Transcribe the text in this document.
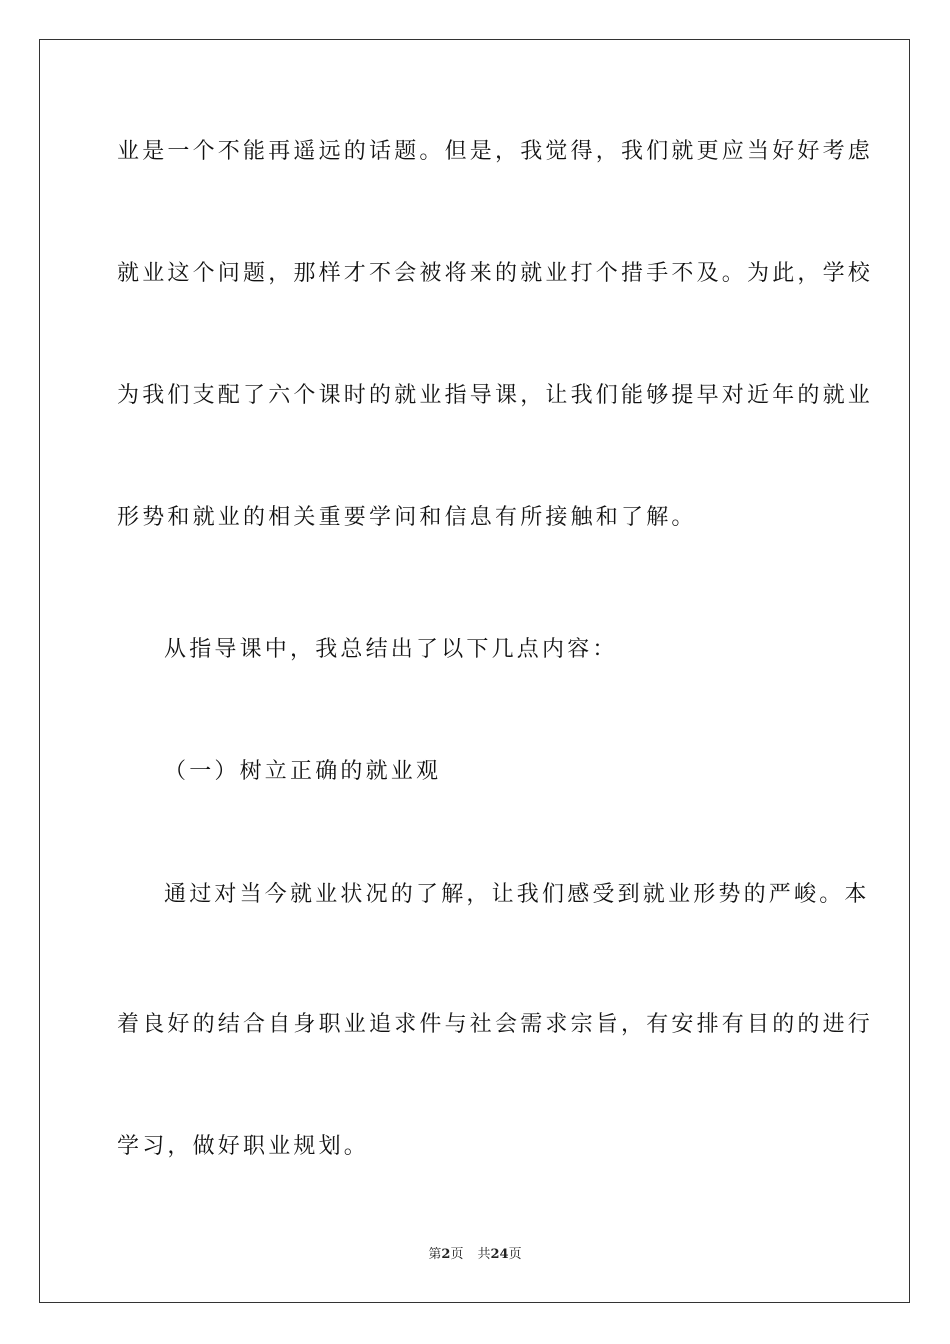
业是一个不能再遥远的话题。但是，我觉得，我们就更应当好好考虑
就业这个问题，那样才不会被将来的就业打个措手不及。为此，学校
为我们支配了六个课时的就业指导课，让我们能够提早对近年的就业
形势和就业的相关重要学问和信息有所接触和了解。
从指导课中，我总结出了以下几点内容：
（一）树立正确的就业观
通过对当今就业状况的了解，让我们感受到就业形势的严峻。本
着良好的结合自身职业追求件与社会需求宗旨，有安排有目的的进行
学习，做好职业规划。
第2页 共24页
